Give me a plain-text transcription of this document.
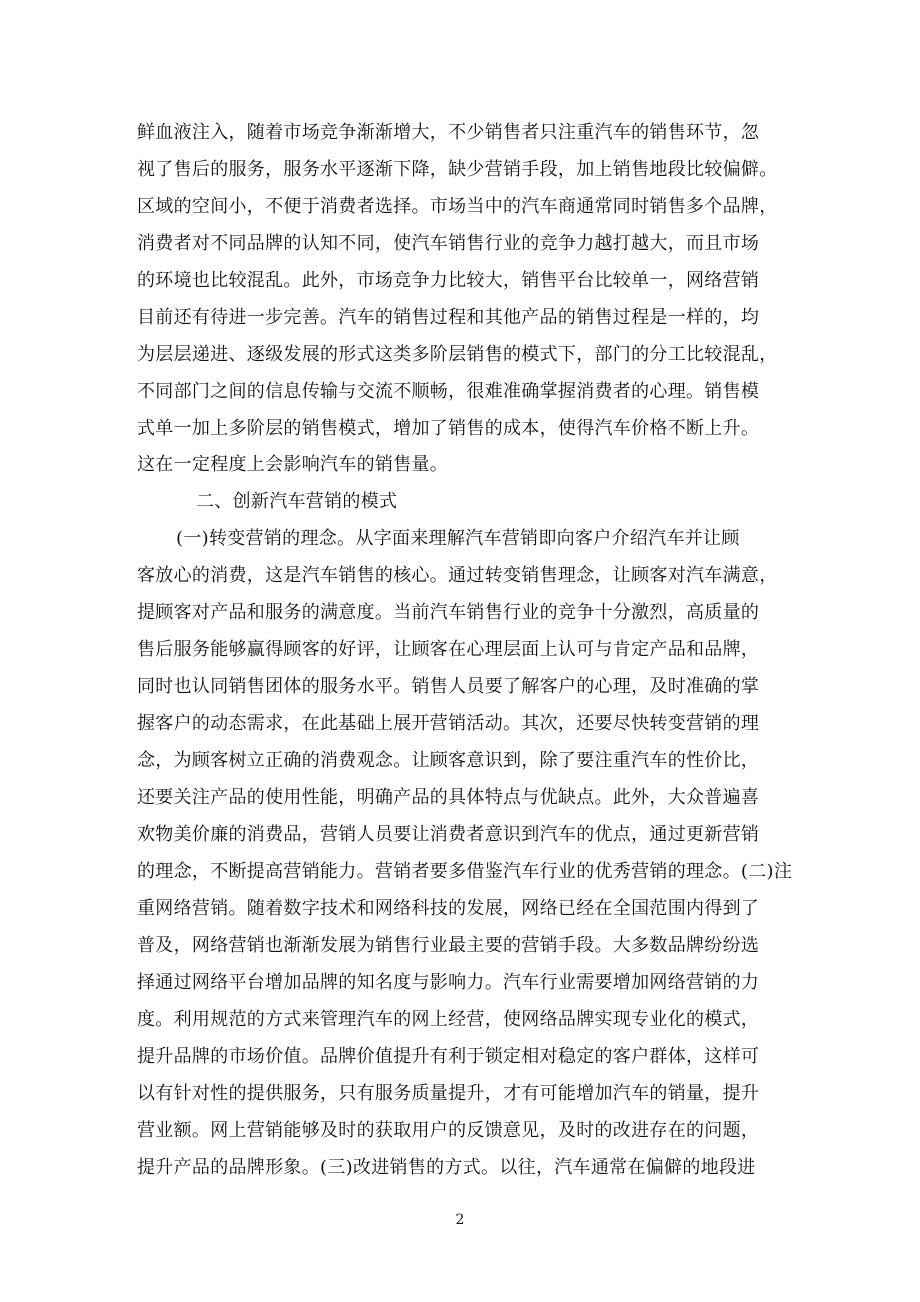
鲜血液注入，随着市场竞争渐渐增大，不少销售者只注重汽车的销售环节，忽
视了售后的服务，服务水平逐渐下降，缺少营销手段，加上销售地段比较偏僻。
区域的空间小，不便于消费者选择。市场当中的汽车商通常同时销售多个品牌，
消费者对不同品牌的认知不同，使汽车销售行业的竞争力越打越大，而且市场
的环境也比较混乱。此外，市场竞争力比较大，销售平台比较单一，网络营销
目前还有待进一步完善。汽车的销售过程和其他产品的销售过程是一样的，均
为层层递进、逐级发展的形式这类多阶层销售的模式下，部门的分工比较混乱，
不同部门之间的信息传输与交流不顺畅，很难准确掌握消费者的心理。销售模
式单一加上多阶层的销售模式，增加了销售的成本，使得汽车价格不断上升。
这在一定程度上会影响汽车的销售量。
二、创新汽车营销的模式
(一)转变营销的理念。从字面来理解汽车营销即向客户介绍汽车并让顾
客放心的消费，这是汽车销售的核心。通过转变销售理念，让顾客对汽车满意，
提顾客对产品和服务的满意度。当前汽车销售行业的竞争十分激烈，高质量的
售后服务能够赢得顾客的好评，让顾客在心理层面上认可与肯定产品和品牌，
同时也认同销售团体的服务水平。销售人员要了解客户的心理，及时准确的掌
握客户的动态需求，在此基础上展开营销活动。其次，还要尽快转变营销的理
念，为顾客树立正确的消费观念。让顾客意识到，除了要注重汽车的性价比，
还要关注产品的使用性能，明确产品的具体特点与优缺点。此外，大众普遍喜
欢物美价廉的消费品，营销人员要让消费者意识到汽车的优点，通过更新营销
的理念，不断提高营销能力。营销者要多借鉴汽车行业的优秀营销的理念。(二)注
重网络营销。随着数字技术和网络科技的发展，网络已经在全国范围内得到了
普及，网络营销也渐渐发展为销售行业最主要的营销手段。大多数品牌纷纷选
择通过网络平台增加品牌的知名度与影响力。汽车行业需要增加网络营销的力
度。利用规范的方式来管理汽车的网上经营，使网络品牌实现专业化的模式，
提升品牌的市场价值。品牌价值提升有利于锁定相对稳定的客户群体，这样可
以有针对性的提供服务，只有服务质量提升，才有可能增加汽车的销量，提升
营业额。网上营销能够及时的获取用户的反馈意见，及时的改进存在的问题，
提升产品的品牌形象。(三)改进销售的方式。以往，汽车通常在偏僻的地段进
2
